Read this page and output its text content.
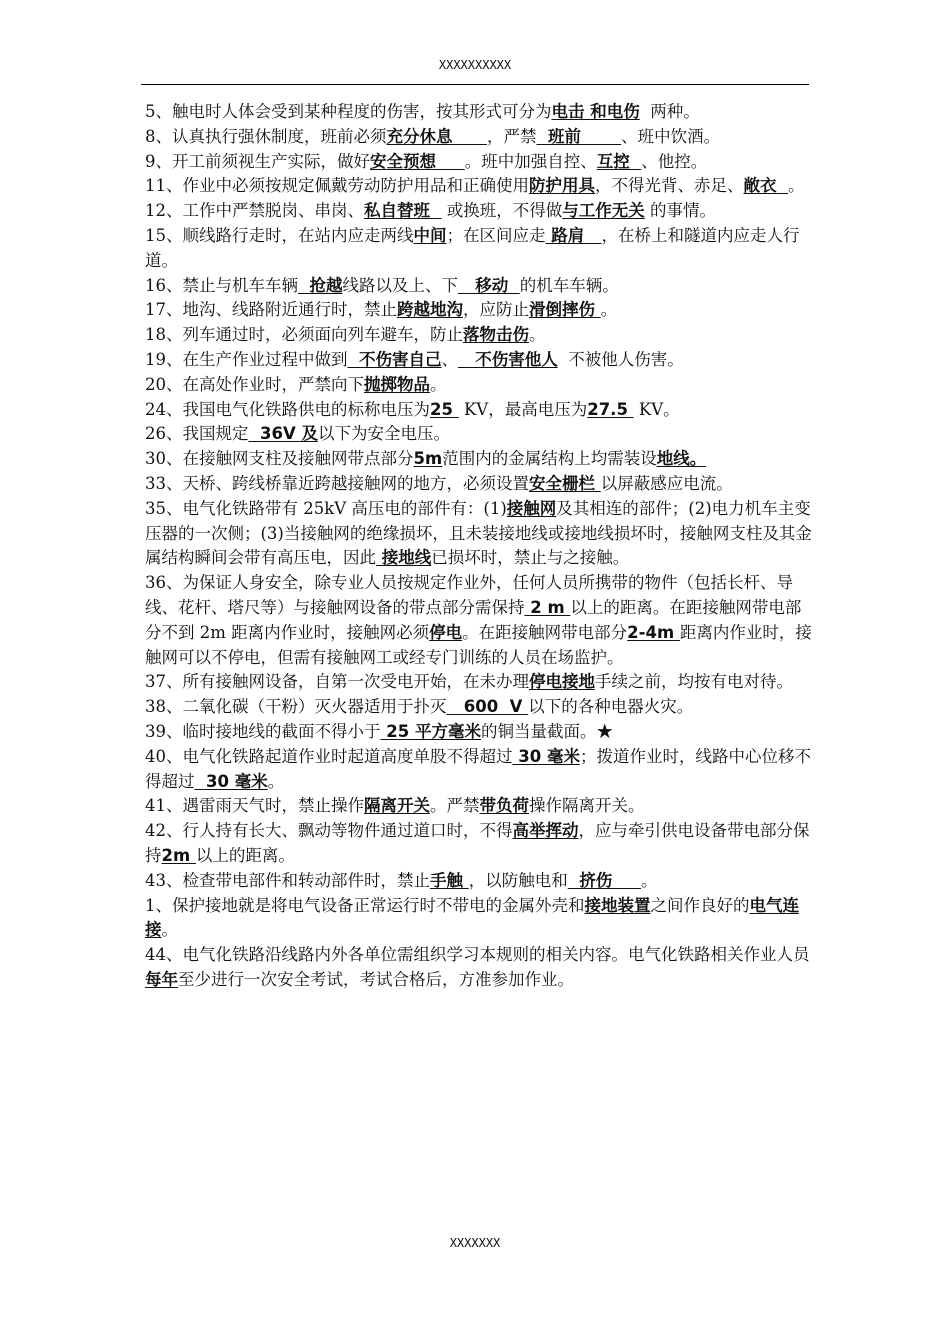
XXXXXXXXXX

5、触电时人体会受到某种程度的伤害，按其形式可分为电击 和电伤  两种。

8、认真执行强休制度，班前必须充分休息      ，严禁  班前       、班中饮酒。

9、开工前须视生产实际，做好安全预想     。班中加强自控、互控  、他控。

11、作业中必须按规定佩戴劳动防护用品和正确使用防护用具，不得光背、赤足、敞衣  。

12、工作中严禁脱岗、串岗、私自替班   或换班，不得做与工作无关 的事情。

15、顺线路行走时，在站内应走两线中间；在区间应走 路肩   ，在桥上和隧道内应走人行道。

16、禁止与机车车辆  抢越线路以及上、下   移动  的机车车辆。

17、地沟、线路附近通行时，禁止跨越地沟，应防止滑倒摔伤 。

18、列车通过时，必须面向列车避车，防止落物击伤。

19、在生产作业过程中做到  不伤害自己、   不伤害他人  不被他人伤害。

20、在高处作业时，严禁向下抛掷物品。

24、我国电气化铁路供电的标称电压为25  KV，最高电压为27.5  KV。

26、我国规定  36V 及以下为安全电压。

30、在接触网支柱及接触网带点部分5m范围内的金属结构上均需装设地线。

33、天桥、跨线桥靠近跨越接触网的地方，必须设置安全栅栏 以屏蔽感应电流。

35、电气化铁路带有 25kV 高压电的部件有：(1)接触网及其相连的部件；(2)电力机车主变压器的一次侧；(3)当接触网的绝缘损坏，且未装接地线或接地线损坏时，接触网支柱及其金属结构瞬间会带有高压电，因此 接地线已损坏时，禁止与之接触。

36、为保证人身安全，除专业人员按规定作业外，任何人员所携带的物件（包括长杆、导线、花杆、塔尺等）与接触网设备的带点部分需保持 2 m 以上的距离。在距接触网带电部分不到 2m 距离内作业时，接触网必须停电。在距接触网带电部分2-4m 距离内作业时，接触网可以不停电，但需有接触网工或经专门训练的人员在场监护。

37、所有接触网设备，自第一次受电开始，在未办理停电接地手续之前，均按有电对待。

38、二氧化碳（干粉）灭火器适用于扑灭   600  V 以下的各种电器火灾。

39、临时接地线的截面不得小于 25 平方毫米的铜当量截面。★

40、电气化铁路起道作业时起道高度单股不得超过 30 毫米；拨道作业时，线路中心位移不得超过  30 毫米。

41、遇雷雨天气时，禁止操作隔离开关。严禁带负荷操作隔离开关。

42、行人持有长大、飘动等物件通过道口时，不得高举挥动，应与牵引供电设备带电部分保持2m 以上的距离。

43、检查带电部件和转动部件时，禁止手触 ，以防触电和  挤伤     。

1、保护接地就是将电气设备正常运行时不带电的金属外壳和接地装置之间作良好的电气连接。

44、电气化铁路沿线路内外各单位需组织学习本规则的相关内容。电气化铁路相关作业人员每年至少进行一次安全考试，考试合格后，方准参加作业。

XXXXXXX
